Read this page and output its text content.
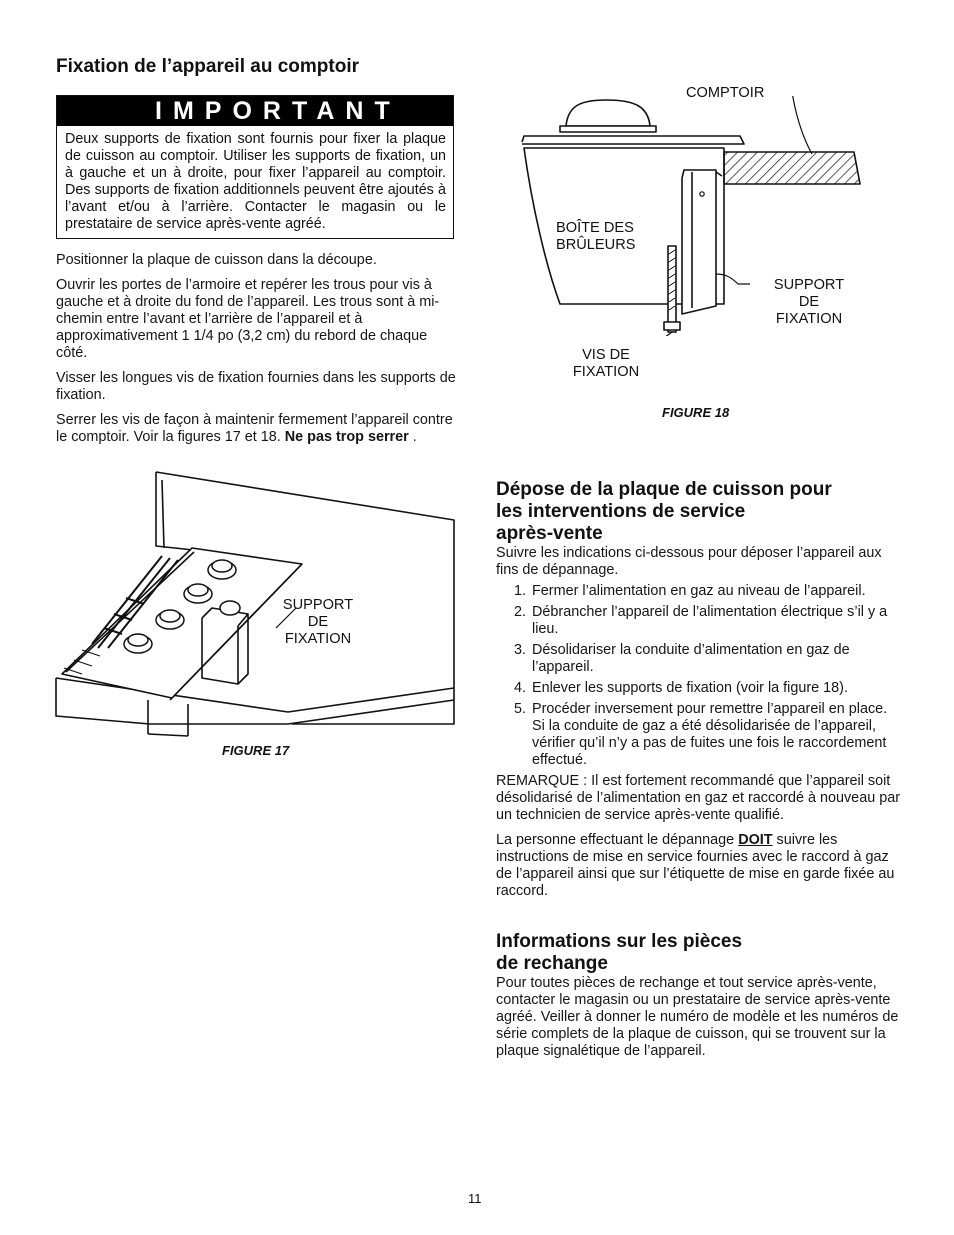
Fixation de l’appareil au comptoir
IMPORTANT
Deux supports de fixation sont fournis pour fixer la plaque de cuisson au comptoir. Utiliser les supports de fixation, un à gauche et un à droite, pour fixer l’appareil au comptoir. Des supports de fixation additionnels peuvent être ajoutés à l’avant et/ou à l’arrière. Contacter le magasin ou le prestataire de service après-vente agréé.

Positionner la plaque de cuisson dans la découpe.

Ouvrir les portes de l’armoire et repérer les trous pour vis à gauche et à droite du fond de l’appareil. Les trous sont à mi-chemin entre l’avant et l’arrière de l’appareil et à approximativement 1 1/4 po (3,2 cm) du rebord de chaque côté.

Visser les longues vis de fixation fournies dans les supports de fixation.

Serrer les vis de façon à maintenir fermement l’appareil contre le comptoir. Voir la figures 17 et 18. Ne pas trop serrer .

SUPPORT
DE
FIXATION
FIGURE 17
COMPTOIR
BOÎTE DES
BRÛLEURS
SUPPORT
DE
FIXATION
VIS DE
FIXATION
FIGURE 18
Dépose de la plaque de cuisson pour
les interventions de service
après-vente

Suivre les indications ci-dessous pour déposer l’appareil aux fins de dépannage.

1. Fermer l’alimentation en gaz au niveau de l’appareil.
2. Débrancher l’appareil de l’alimentation électrique s’il y a lieu.
3. Désolidariser la conduite d’alimentation en gaz de l’appareil.
4. Enlever les supports de fixation (voir la figure 18).
5. Procéder inversement pour remettre l’appareil en place. Si la conduite de gaz a été désolidarisée de l’appareil, vérifier qu’il n’y a pas de fuites une fois le raccordement effectué.

REMARQUE : Il est fortement recommandé que l’appareil soit désolidarisé de l’alimentation en gaz et raccordé à nouveau par un technicien de service après-vente qualifié.

La personne effectuant le dépannage DOIT suivre les instructions de mise en service fournies avec le raccord à gaz de l’appareil ainsi que sur l’étiquette de mise en garde fixée au raccord.

Informations sur les pièces
de rechange
Pour toutes pièces de rechange et tout service après-vente, contacter le magasin ou un prestataire de service après-vente agréé. Veiller à donner le numéro de modèle et les numéros de série complets de la plaque de cuisson, qui se trouvent sur la plaque signalétique de l’appareil.
11
